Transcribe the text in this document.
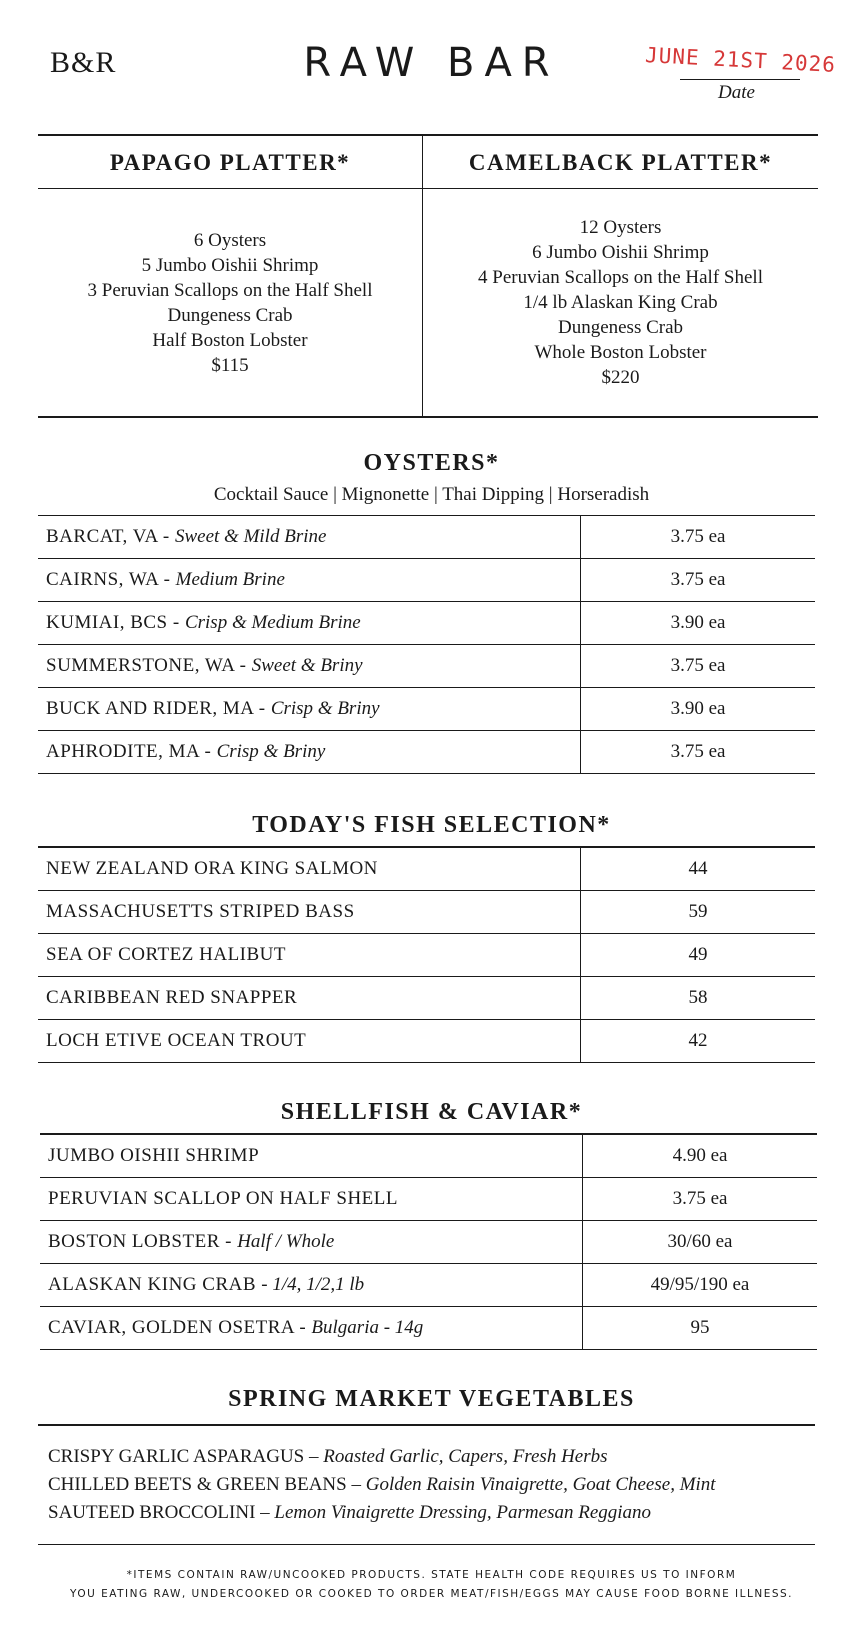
B&R	RAW BAR	JUNE 21ST 2026
Date
PAPAGO PLATTER*
6 Oysters
5 Jumbo Oishii Shrimp
3 Peruvian Scallops on the Half Shell
Dungeness Crab
Half Boston Lobster
$115
CAMELBACK PLATTER*
12 Oysters
6 Jumbo Oishii Shrimp
4 Peruvian Scallops on the Half Shell
1/4 lb Alaskan King Crab
Dungeness Crab
Whole Boston Lobster
$220
OYSTERS*
Cocktail Sauce | Mignonette | Thai Dipping | Horseradish
BARCAT, VA - Sweet & Mild Brine	3.75 ea
CAIRNS, WA - Medium Brine	3.75 ea
KUMIAI, BCS - Crisp & Medium Brine	3.90 ea
SUMMERSTONE, WA - Sweet & Briny	3.75 ea
BUCK AND RIDER, MA - Crisp & Briny	3.90 ea
APHRODITE, MA - Crisp & Briny	3.75 ea
TODAY'S FISH SELECTION*
NEW ZEALAND ORA KING SALMON	44
MASSACHUSETTS STRIPED BASS	59
SEA OF CORTEZ HALIBUT	49
CARIBBEAN RED SNAPPER	58
LOCH ETIVE OCEAN TROUT	42
SHELLFISH & CAVIAR*
JUMBO OISHII SHRIMP	4.90 ea
PERUVIAN SCALLOP ON HALF SHELL	3.75 ea
BOSTON LOBSTER - Half / Whole	30/60 ea
ALASKAN KING CRAB - 1/4, 1/2,1 lb	49/95/190 ea
CAVIAR, GOLDEN OSETRA - Bulgaria - 14g	95
SPRING MARKET VEGETABLES
CRISPY GARLIC ASPARAGUS – Roasted Garlic, Capers, Fresh Herbs
CHILLED BEETS & GREEN BEANS – Golden Raisin Vinaigrette, Goat Cheese, Mint
SAUTEED BROCCOLINI – Lemon Vinaigrette Dressing, Parmesan Reggiano
*ITEMS CONTAIN RAW/UNCOOKED PRODUCTS. STATE HEALTH CODE REQUIRES US TO INFORM
YOU EATING RAW, UNDERCOOKED OR COOKED TO ORDER MEAT/FISH/EGGS MAY CAUSE FOOD BORNE ILLNESS.
